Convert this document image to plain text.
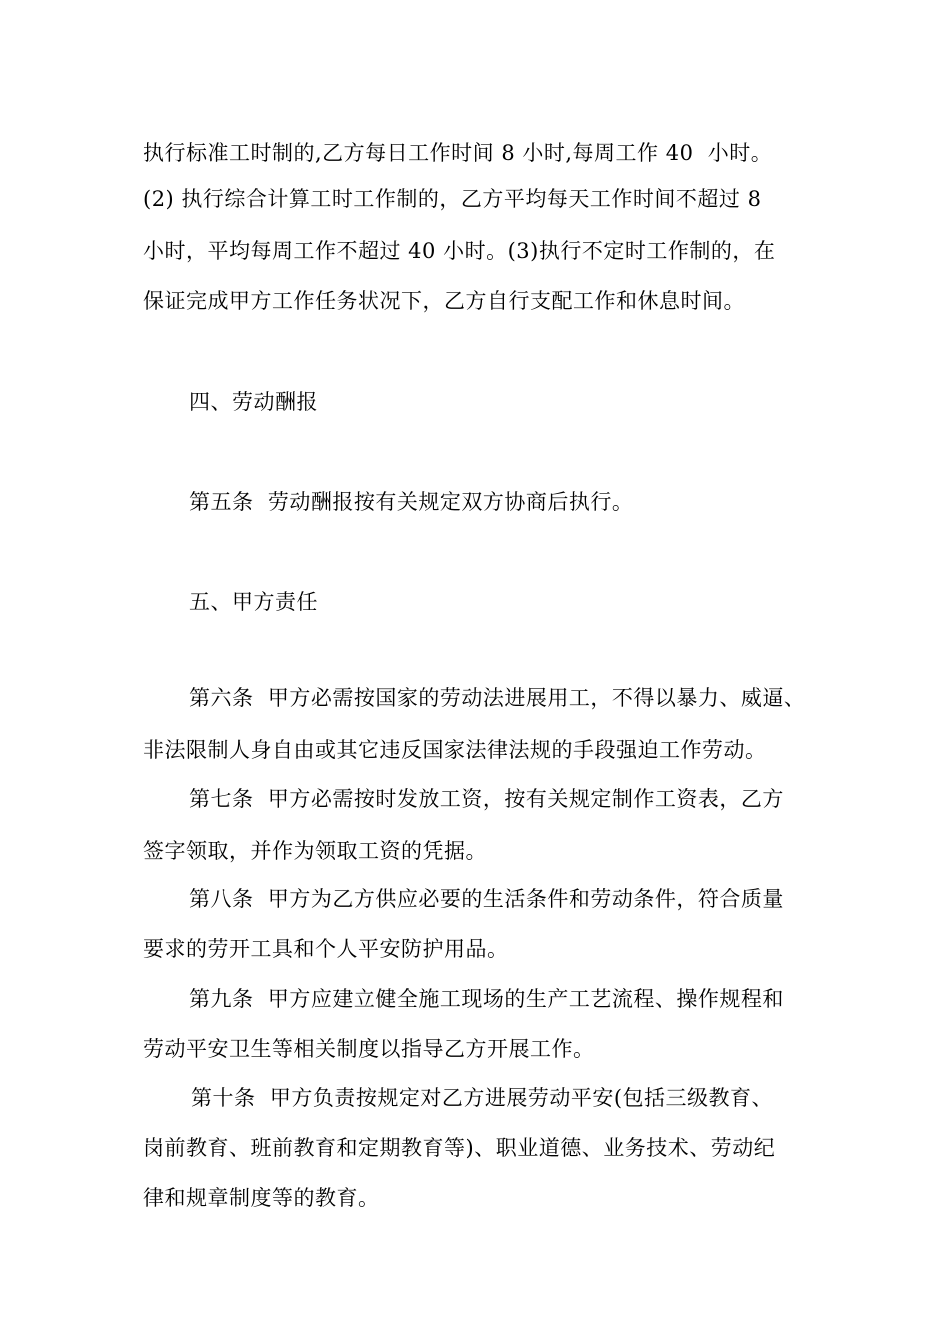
执行标准工时制的,乙方每日工作时间 8 小时,每周工作 40  小时。
(2) 执行综合计算工时工作制的，乙方平均每天工作时间不超过 8
小时，平均每周工作不超过 40 小时。(3)执行不定时工作制的，在
保证完成甲方工作任务状况下，乙方自行支配工作和休息时间。
四、劳动酬报
第五条  劳动酬报按有关规定双方协商后执行。
五、甲方责任
第六条  甲方必需按国家的劳动法进展用工，不得以暴力、威逼、
非法限制人身自由或其它违反国家法律法规的手段强迫工作劳动。
第七条  甲方必需按时发放工资，按有关规定制作工资表，乙方
签字领取，并作为领取工资的凭据。
第八条  甲方为乙方供应必要的生活条件和劳动条件，符合质量
要求的劳开工具和个人平安防护用品。
第九条  甲方应建立健全施工现场的生产工艺流程、操作规程和
劳动平安卫生等相关制度以指导乙方开展工作。
第十条  甲方负责按规定对乙方进展劳动平安(包括三级教育、
岗前教育、班前教育和定期教育等)、职业道德、业务技术、劳动纪
律和规章制度等的教育。
